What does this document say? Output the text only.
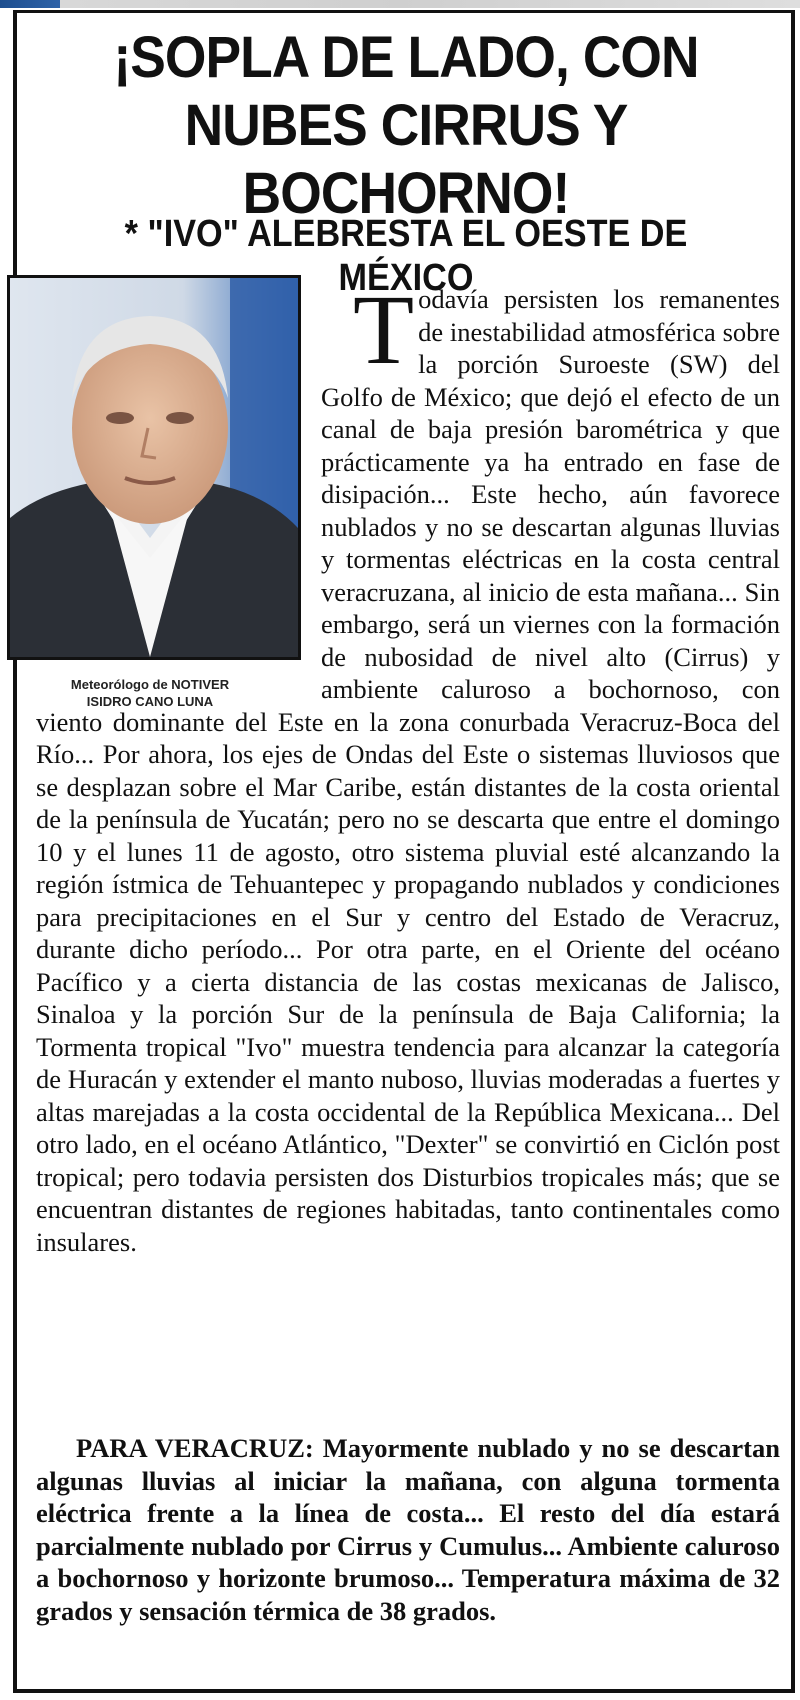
¡SOPLA DE LADO, CON NUBES CIRRUS Y BOCHORNO!
* "IVO" ALEBRESTA EL OESTE DE MÉXICO
Meteorólogo de NOTIVER
ISIDRO CANO LUNA

Todavía persisten los remanentes de inestabilidad atmosférica sobre la porción Suroeste (SW) del Golfo de México; que dejó el efecto de un canal de baja presión barométrica y que prácticamente ya ha entrado en fase de disipación... Este hecho, aún favorece nublados y no se descartan algunas lluvias y tormentas eléctricas en la costa central veracruzana, al inicio de esta mañana... Sin embargo, será un viernes con la formación de nubosidad de nivel alto (Cirrus) y ambiente caluroso a bochornoso, con viento dominante del Este en la zona conurbada Veracruz-Boca del Río... Por ahora, los ejes de Ondas del Este o sistemas lluviosos que se desplazan sobre el Mar Caribe, están distantes de la costa oriental de la península de Yucatán; pero no se descarta que entre el domingo 10 y el lunes 11 de agosto, otro sistema pluvial esté alcanzando la región ístmica de Tehuantepec y propagando nublados y condiciones para precipitaciones en el Sur y centro del Estado de Veracruz, durante dicho período... Por otra parte, en el Oriente del océano Pacífico y a cierta distancia de las costas mexicanas de Jalisco, Sinaloa y la porción Sur de la península de Baja California; la Tormenta tropical "Ivo" muestra tendencia para alcanzar la categoría de Huracán y extender el manto nuboso, lluvias moderadas a fuertes y altas marejadas a la costa occidental de la República Mexicana... Del otro lado, en el océano Atlántico, "Dexter" se convirtió en Ciclón post tropical; pero todavia persisten dos Disturbios tropicales más; que se encuentran distantes de regiones habitadas, tanto continentales como insulares.

PARA VERACRUZ: Mayormente nublado y no se descartan algunas lluvias al iniciar la mañana, con alguna tormenta eléctrica frente a la línea de costa... El resto del día estará parcialmente nublado por Cirrus y Cumulus... Ambiente caluroso a bochornoso y horizonte brumoso... Temperatura máxima de 32 grados y sensación térmica de 38 grados.
